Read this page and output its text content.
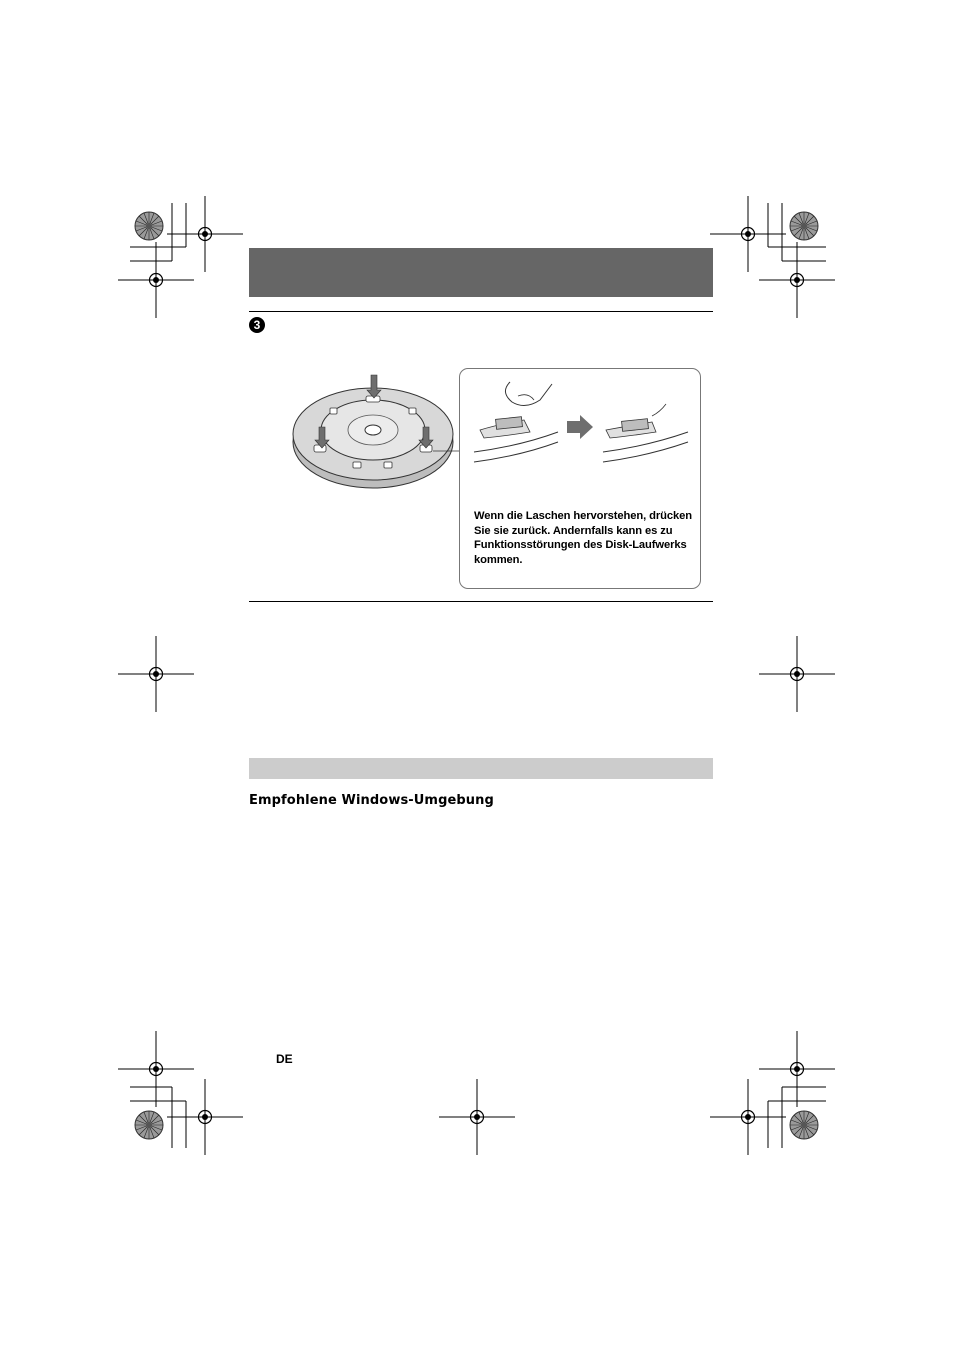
3
Wenn die Laschen hervorstehen, drücken Sie sie zurück. Andernfalls kann es zu Funktionsstörungen des Disk-Laufwerks kommen.
Empfohlene Windows-Umgebung
DE
